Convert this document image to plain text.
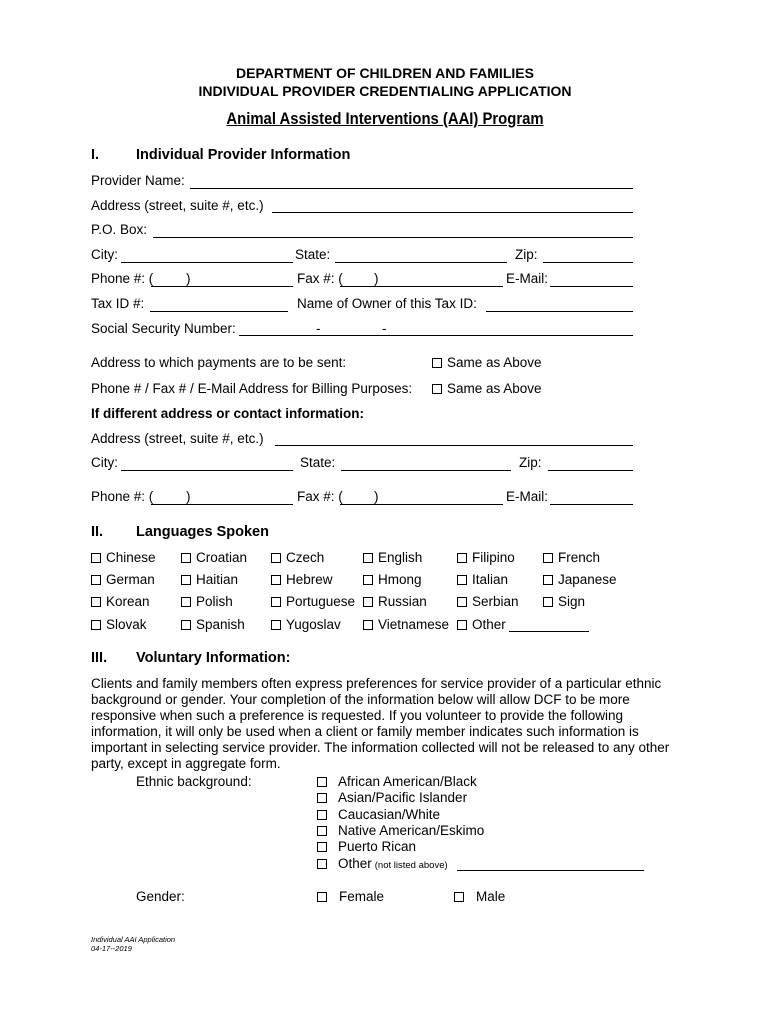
DEPARTMENT OF CHILDREN AND FAMILIES
INDIVIDUAL PROVIDER CREDENTIALING APPLICATION
Animal Assisted Interventions (AAI) Program
I.	Individual Provider Information
Provider Name:
Address (street, suite #, etc.)
P.O. Box:
City:	State:	Zip:
Phone #: ( )	Fax #: ( )	E-Mail:
Tax ID #:	Name of Owner of this Tax ID:
Social Security Number:	-	-
Address to which payments are to be sent:	Same as Above
Phone # / Fax # / E-Mail Address for Billing Purposes:	Same as Above
If different address or contact information:
Address (street, suite #, etc.)
City:	State:	Zip:
Phone #: ( )	Fax #: ( )	E-Mail:
II. Languages Spoken
Chinese	Croatian	Czech	English	Filipino	French
German	Haitian	Hebrew	Hmong	Italian	Japanese
Korean	Polish	Portuguese	Russian	Serbian	Sign
Slovak	Spanish	Yugoslav	Vietnamese	Other
III. Voluntary Information:
Clients and family members often express preferences for service provider of a particular ethnic background or gender. Your completion of the information below will allow DCF to be more responsive when such a preference is requested. If you volunteer to provide the following information, it will only be used when a client or family member indicates such information is important in selecting service provider. The information collected will not be released to any other party, except in aggregate form.
Ethnic background:	African American/Black
Asian/Pacific Islander
Caucasian/White
Native American/Eskimo
Puerto Rican
Other (not listed above)
Gender:	Female	Male
Individual AAI Application
04-17--2019
